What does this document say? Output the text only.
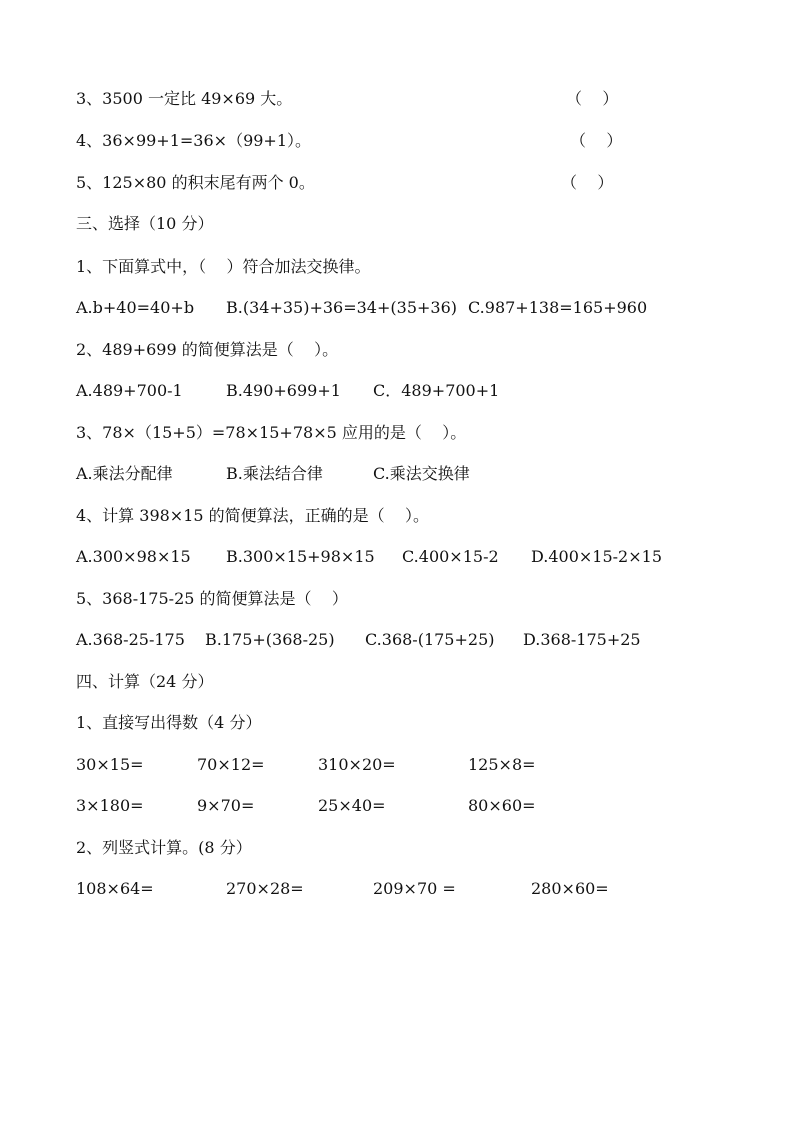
3、3500 一定比 49×69 大。	（    ）
4、36×99+1=36×（99+1）。	（    ）
5、125×80 的积末尾有两个 0。	（    ）
三、选择（10 分）
1、下面算式中，（    ）符合加法交换律。
A.b+40=40+b B.(34+35)+36=34+(35+36) C.987+138=165+960
2、489+699 的简便算法是（    ）。
A.489+700-1	B.490+699+1 C．489+700+1
3、78×（15+5）=78×15+78×5 应用的是（    ）。
A.乘法分配律	B.乘法结合律	C.乘法交换律
4、计算 398×15 的简便算法，正确的是（    ）。
A.300×98×15 B.300×15+98×15 C.400×15-2 D.400×15-2×15
5、368-175-25 的简便算法是（    ）
A.368-25-175 B.175+(368-25) C.368-(175+25) D.368-175+25
四、计算（24 分）
1、直接写出得数（4 分）
30×15=	70×12=	310×20=	125×8=
3×180=	9×70=	25×40=	80×60=
2、列竖式计算。(8 分）
108×64=	270×28=	209×70 =	280×60=
